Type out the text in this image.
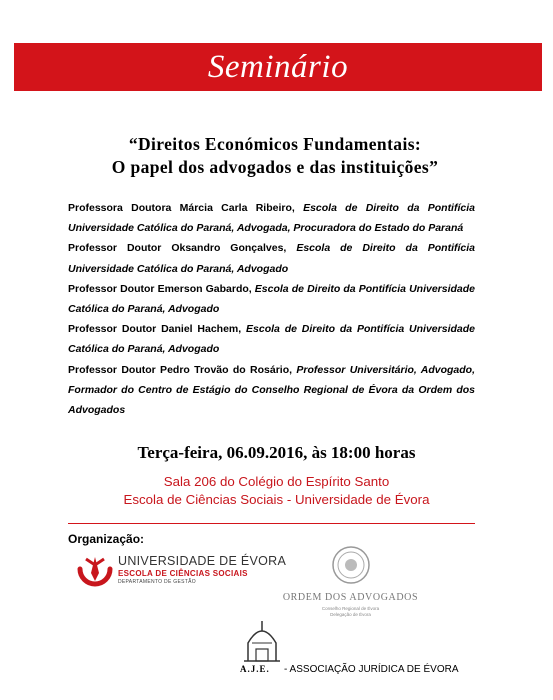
Seminário
“Direitos Económicos Fundamentais:
O papel dos advogados e das instituições”

Professora Doutora Márcia Carla Ribeiro, Escola de Direito da Pontifícia Universidade Católica do Paraná, Advogada, Procuradora do Estado do Paraná

Professor Doutor Oksandro Gonçalves, Escola de Direito da Pontifícia Universidade Católica do Paraná, Advogado

Professor Doutor Emerson Gabardo, Escola de Direito da Pontifícia Universidade Católica do Paraná, Advogado

Professor Doutor Daniel Hachem, Escola de Direito da Pontifícia Universidade Católica do Paraná, Advogado

Professor Doutor Pedro Trovão do Rosário, Professor Universitário, Advogado, Formador do Centro de Estágio do Conselho Regional de Évora da Ordem dos Advogados

Terça-feira, 06.09.2016, às 18:00 horas
Sala 206 do Colégio do Espírito Santo
Escola de Ciências Sociais - Universidade de Évora
Organização:
UNIVERSIDADE DE ÉVORA
ESCOLA DE CIÊNCIAS SOCIAIS
DEPARTAMENTO DE GESTÃO
ORDEM DOS ADVOGADOS
Conselho Regional de Évora
Delegação de Évora
A.J.E. - ASSOCIAÇÃO JURÍDICA DE ÉVORA
